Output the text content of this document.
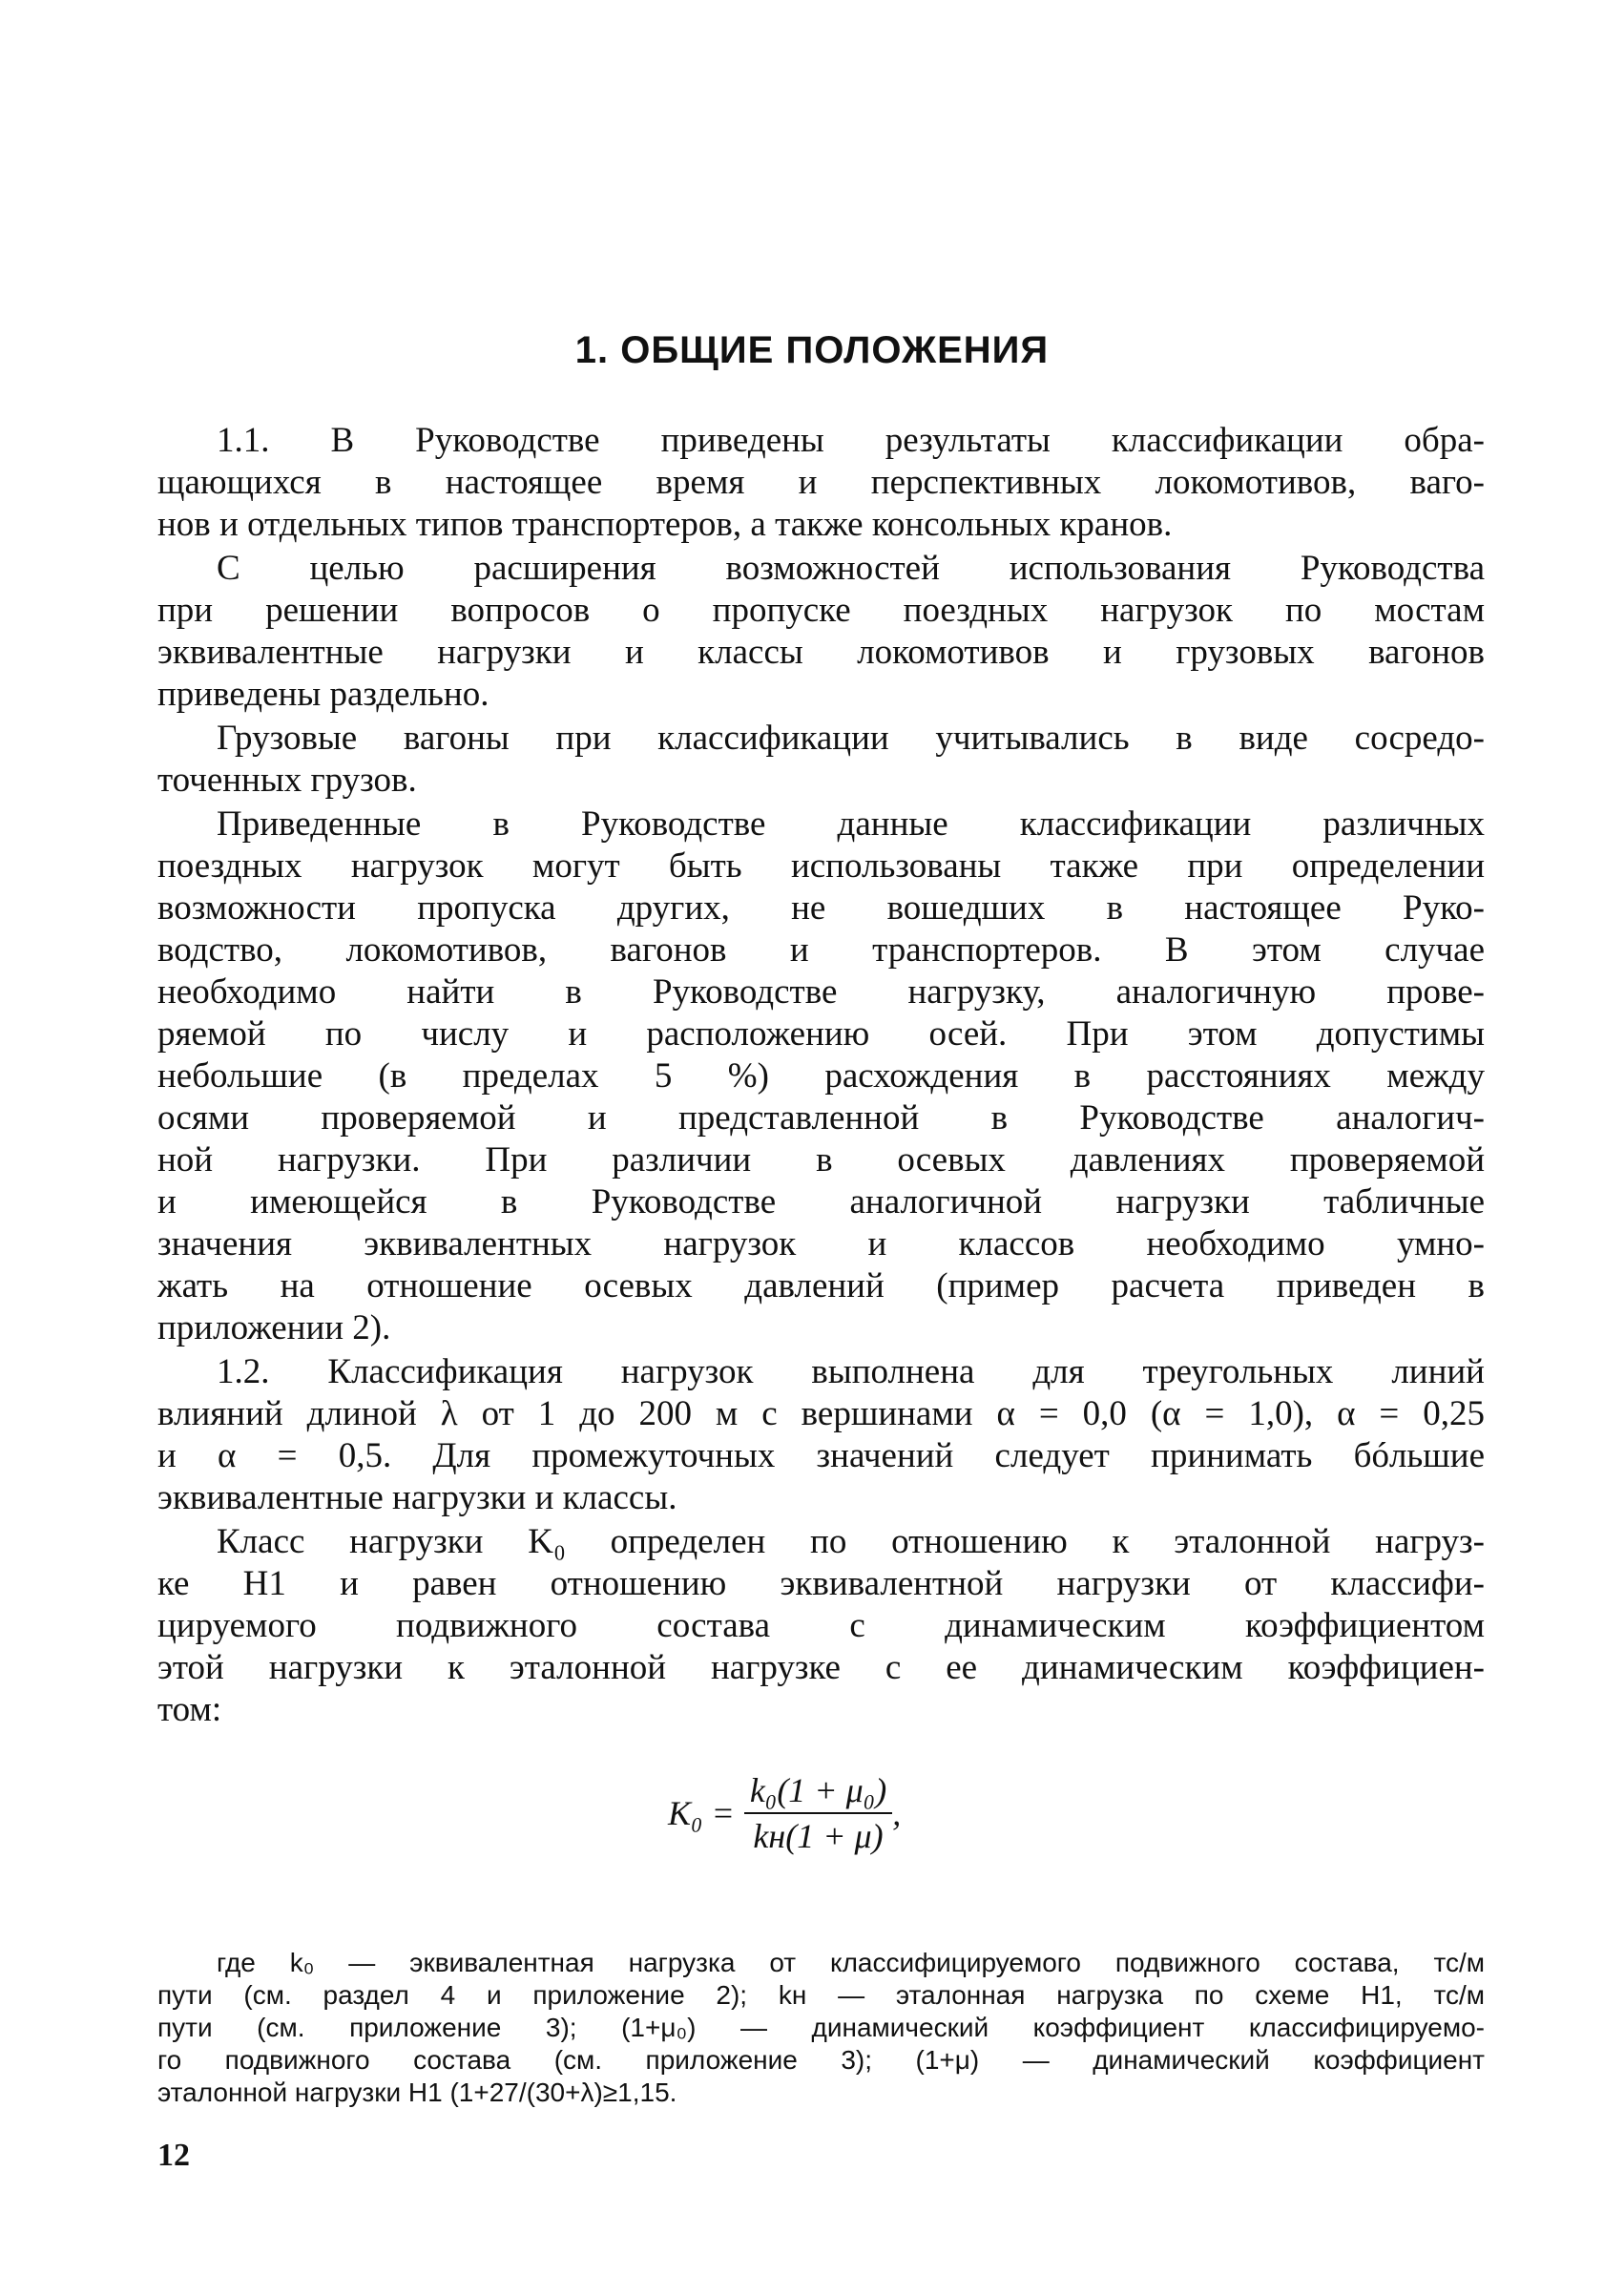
1. ОБЩИЕ ПОЛОЖЕНИЯ
1.1. В Руководстве приведены результаты классификации обра-
щающихся в настоящее время и перспективных локомотивов, ваго-
нов и отдельных типов транспортеров, а также консольных кранов.
С целью расширения возможностей использования Руководства
при решении вопросов о пропуске поездных нагрузок по мостам
эквивалентные нагрузки и классы локомотивов и грузовых вагонов
приведены раздельно.
Грузовые вагоны при классификации учитывались в виде сосредо-
точенных грузов.
Приведенные в Руководстве данные классификации различных
поездных нагрузок могут быть использованы также при определении
возможности пропуска других, не вошедших в настоящее Руко-
водство, локомотивов, вагонов и транспортеров. В этом случае
необходимо найти в Руководстве нагрузку, аналогичную прове-
ряемой по числу и расположению осей. При этом допустимы
небольшие (в пределах 5 %) расхождения в расстояниях между
осями проверяемой и представленной в Руководстве аналогич-
ной нагрузки. При различии в осевых давлениях проверяемой
и имеющейся в Руководстве аналогичной нагрузки табличные
значения эквивалентных нагрузок и классов необходимо умно-
жать на отношение осевых давлений (пример расчета приведен в
приложении 2).
1.2. Классификация нагрузок выполнена для треугольных линий
влияний длиной λ от 1 до 200 м с вершинами α = 0,0 (α = 1,0), α = 0,25
и α = 0,5. Для промежуточных значений следует принимать бóльшие
эквивалентные нагрузки и классы.
Класс нагрузки K₀ определен по отношению к эталонной нагруз-
ке Н1 и равен отношению эквивалентной нагрузки от классифи-
цируемого подвижного состава с динамическим коэффициентом
этой нагрузки к эталонной нагрузке с ее динамическим коэффициен-
том:
$K_0 = \frac{\text{k₀(1 + μ₀)}}{kн(1 + \mu)}$ ,
где k₀ — эквивалентная нагрузка от классифицируемого подвижного состава, тс/м
пути (см. раздел 4 и приложение 2); kн — эталонная нагрузка по схеме Н1, тс/м
пути (см. приложение 3); (1+μ₀) — динамический коэффициент классифицируемо-
го подвижного состава (см. приложение 3); (1+μ) — динамический коэффициент
эталонной нагрузки Н1 (1+27/(30+λ)≥1,15.
12
